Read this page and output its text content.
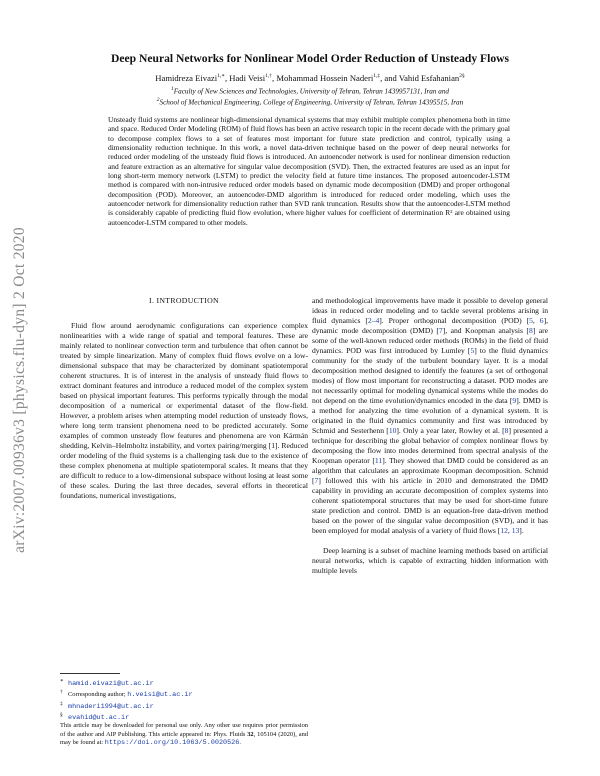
arXiv:2007.00936v3 [physics.flu-dyn] 2 Oct 2020
Deep Neural Networks for Nonlinear Model Order Reduction of Unsteady Flows
Hamidreza Eivazi$^{1,∗}$, Hadi Veisi$^{1,\dagger}$, Mohammad Hossein Naderi$^{1,\ddagger}$, and Vahid Esfahanian$^{2\S}$
$^1$Faculty of New Sciences and Technologies, University of Tehran, Tehran 1439957131, Iran and
$^2$School of Mechanical Engineering, College of Engineering, University of Tehran, Tehran 14395515, Iran
Unsteady fluid systems are nonlinear high-dimensional dynamical systems that may exhibit multiple complex phenomena both in time and space. Reduced Order Modeling (ROM) of fluid flows has been an active research topic in the recent decade with the primary goal to decompose complex flows to a set of features most important for future state prediction and control, typically using a dimensionality reduction technique. In this work, a novel data-driven technique based on the power of deep neural networks for reduced order modeling of the unsteady fluid flows is introduced. An autoencoder network is used for nonlinear dimension reduction and feature extraction as an alternative for singular value decomposition (SVD). Then, the extracted features are used as an input for long short-term memory network (LSTM) to predict the velocity field at future time instances. The proposed autoencoder-LSTM method is compared with non-intrusive reduced order models based on dynamic mode decomposition (DMD) and proper orthogonal decomposition (POD). Moreover, an autoencoder-DMD algorithm is introduced for reduced order modeling, which uses the autoencoder network for dimensionality reduction rather than SVD rank truncation. Results show that the autoencoder-LSTM method is considerably capable of predicting fluid flow evolution, where higher values for coefficient of determination R² are obtained using autoencoder-LSTM compared to other models.
I. INTRODUCTION
Fluid flow around aerodynamic configurations can experience complex nonlinearities with a wide range of spatial and temporal features. These are mainly related to nonlinear convection term and turbulence that often cannot be treated by simple linearization. Many of complex fluid flows evolve on a low-dimensional subspace that may be characterized by dominant spatiotemporal coherent structures. It is of interest in the analysis of unsteady fluid flows to extract dominant features and introduce a reduced model of the complex system based on physical important features. This performs typically through the modal decomposition of a numerical or experimental dataset of the flow-field. However, a problem arises when attempting model reduction of unsteady flows, where long term transient phenomena need to be predicted accurately. Some examples of common unsteady flow features and phenomena are von Kármán shedding, Kelvin–Helmholtz instability, and vortex pairing/merging [1]. Reduced order modeling of the fluid systems is a challenging task due to the existence of these complex phenomena at multiple spatiotemporal scales. It means that they are difficult to reduce to a low-dimensional subspace without losing at least some of these scales. During the last three decades, several efforts in theoretical foundations, numerical investigations,

and methodological improvements have made it possible to develop general ideas in reduced order modeling and to tackle several problems arising in fluid dynamics [2–4]. Proper orthogonal decomposition (POD) [5, 6], dynamic mode decomposition (DMD) [7], and Koopman analysis [8] are some of the well-known reduced order methods (ROMs) in the field of fluid dynamics. POD was first introduced by Lumley [5] to the fluid dynamics community for the study of the turbulent boundary layer. It is a modal decomposition method designed to identify the features (a set of orthogonal modes) of flow most important for reconstructing a dataset. POD modes are not necessarily optimal for modeling dynamical systems while the modes do not depend on the time evolution/dynamics encoded in the data [9]. DMD is a method for analyzing the time evolution of a dynamical system. It is originated in the fluid dynamics community and first was introduced by Schmid and Sesterhenn [10]. Only a year later, Rowley et al. [8] presented a technique for describing the global behavior of complex nonlinear flows by decomposing the flow into modes determined from spectral analysis of the Koopman operator [11]. They showed that DMD could be considered as an algorithm that calculates an approximate Koopman decomposition. Schmid [7] followed this with his article in 2010 and demonstrated the DMD capability in providing an accurate decomposition of complex systems into coherent spatiotemporal structures that may be used for short-time future state prediction and control. DMD is an equation-free data-driven method based on the power of the singular value decomposition (SVD), and it has been employed for modal analysis of a variety of fluid flows [12, 13].

Deep learning is a subset of machine learning methods based on artificial neural networks, which is capable of extracting hidden information with multiple levels

∗ hamid.eivazi@ut.ac.ir

† Corresponding author; h.veisi@ut.ac.ir

‡ mhnaderi1994@ut.ac.ir

§ evahid@ut.ac.ir

This article may be downloaded for personal use only. Any other use requires prior permission of the author and AIP Publishing. This article appeared in: Phys. Fluids 32, 105104 (2020), and may be found at: https://doi.org/10.1063/5.0020526.
